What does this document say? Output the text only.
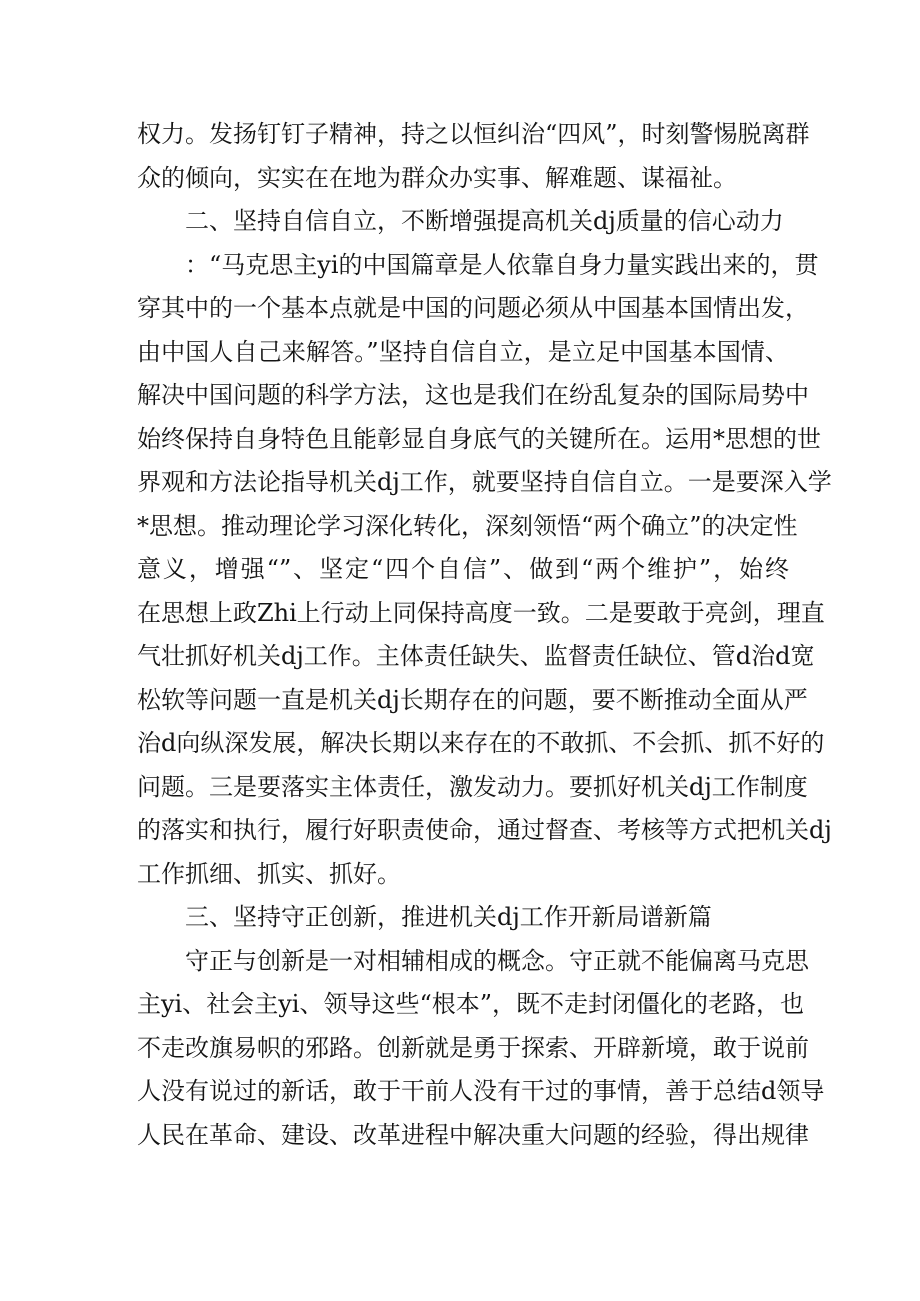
权力。发扬钉钉子精神，持之以恒纠治“四风”，时刻警惕脱离群
众的倾向，实实在在地为群众办实事、解难题、谋福祉。
二、坚持自信自立，不断增强提高机关dj质量的信心动力
：“马克思主yi的中国篇章是人依靠自身力量实践出来的，贯
穿其中的一个基本点就是中国的问题必须从中国基本国情出发，
由中国人自己来解答。”坚持自信自立，是立足中国基本国情、
解决中国问题的科学方法，这也是我们在纷乱复杂的国际局势中
始终保持自身特色且能彰显自身底气的关键所在。运用*思想的世
界观和方法论指导机关dj工作，就要坚持自信自立。一是要深入学
*思想。推动理论学习深化转化，深刻领悟“两个确立”的决定性
意义，增强“”、坚定“四个自信”、做到“两个维护”，始终
在思想上政Zhi上行动上同保持高度一致。二是要敢于亮剑，理直
气壮抓好机关dj工作。主体责任缺失、监督责任缺位、管d治d宽
松软等问题一直是机关dj长期存在的问题，要不断推动全面从严
治d向纵深发展，解决长期以来存在的不敢抓、不会抓、抓不好的
问题。三是要落实主体责任，激发动力。要抓好机关dj工作制度
的落实和执行，履行好职责使命，通过督查、考核等方式把机关dj
工作抓细、抓实、抓好。
三、坚持守正创新，推进机关dj工作开新局谱新篇
守正与创新是一对相辅相成的概念。守正就不能偏离马克思
主yi、社会主yi、领导这些“根本”，既不走封闭僵化的老路，也
不走改旗易帜的邪路。创新就是勇于探索、开辟新境，敢于说前
人没有说过的新话，敢于干前人没有干过的事情，善于总结d领导
人民在革命、建设、改革进程中解决重大问题的经验，得出规律
